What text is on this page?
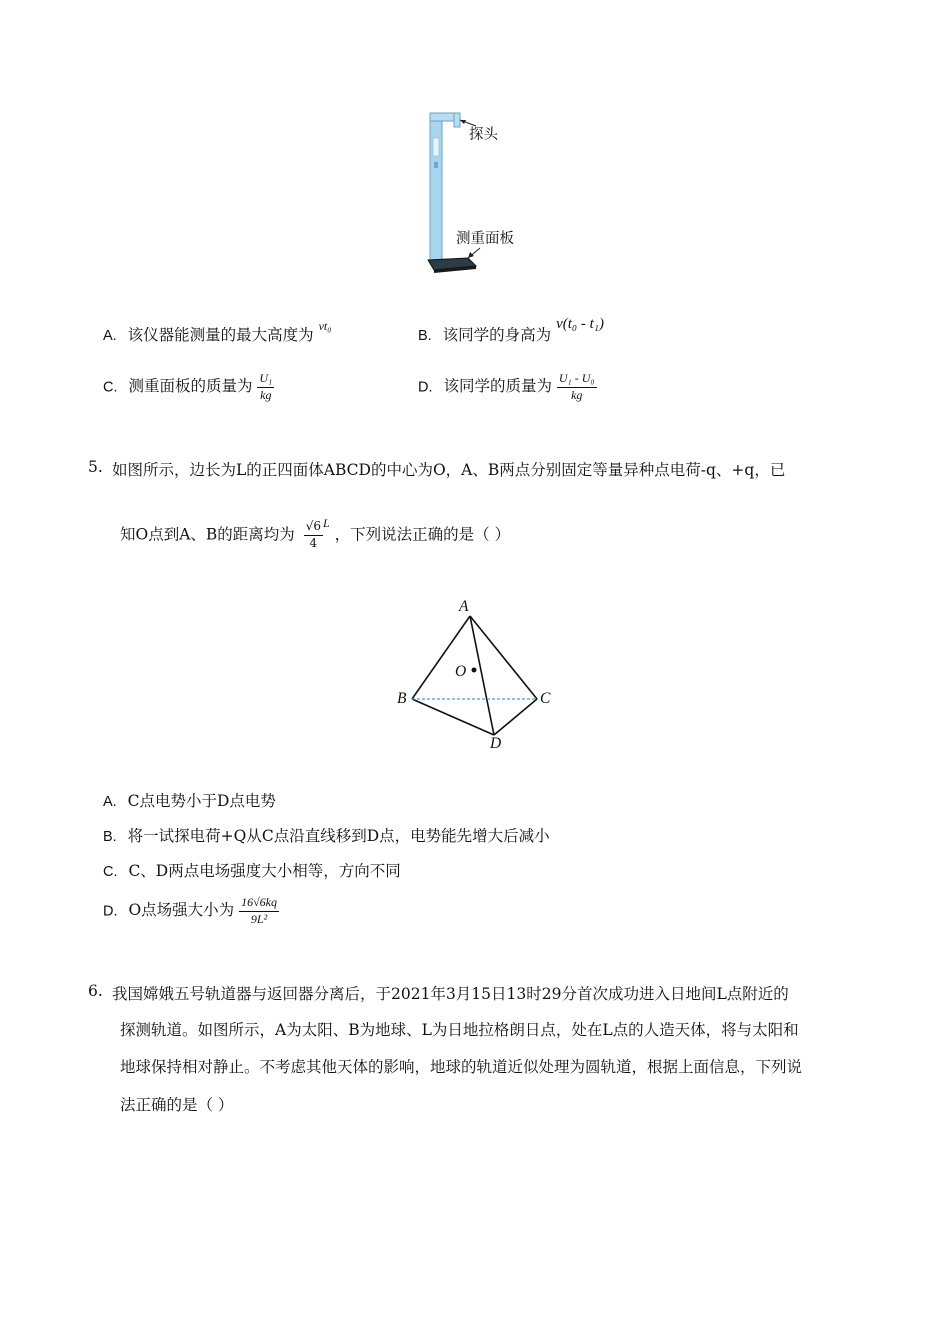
探头
测重面板
A. 该仪器能测量的最大高度为 $^{vt_0}$
B. 该同学的身高为 v(t₀ - t₁)
C. 测重面板的质量为 $\frac{\text{U₁}}{kg}$	D. 该同学的质量为 $\frac{\text{U₁ - U₀}}{kg}$
5. 如图所示，边长为L的正四面体ABCD的中心为O，A、B两点分别固定等量异种点电荷-q、+q，已
知O点到A、B的距离均为 $\frac{√6}{4} ^L$ ，下列说法正确的是（ ）
A
O
B	C
D
A. C点电势小于D点电势
B. 将一试探电荷+Q从C点沿直线移到D点，电势能先增大后减小
C. C、D两点电场强度大小相等，方向不同
D. O点场强大小为 $\frac{16√6kq}{\text{9L²}}$
6. 我国嫦娥五号轨道器与返回器分离后，于2021年3月15日13时29分首次成功进入日地间L点附近的
探测轨道。如图所示，A为太阳、B为地球、L为日地拉格朗日点，处在L点的人造天体，将与太阳和
地球保持相对静止。不考虑其他天体的影响，地球的轨道近似处理为圆轨道，根据上面信息，下列说
法正确的是（ ）
